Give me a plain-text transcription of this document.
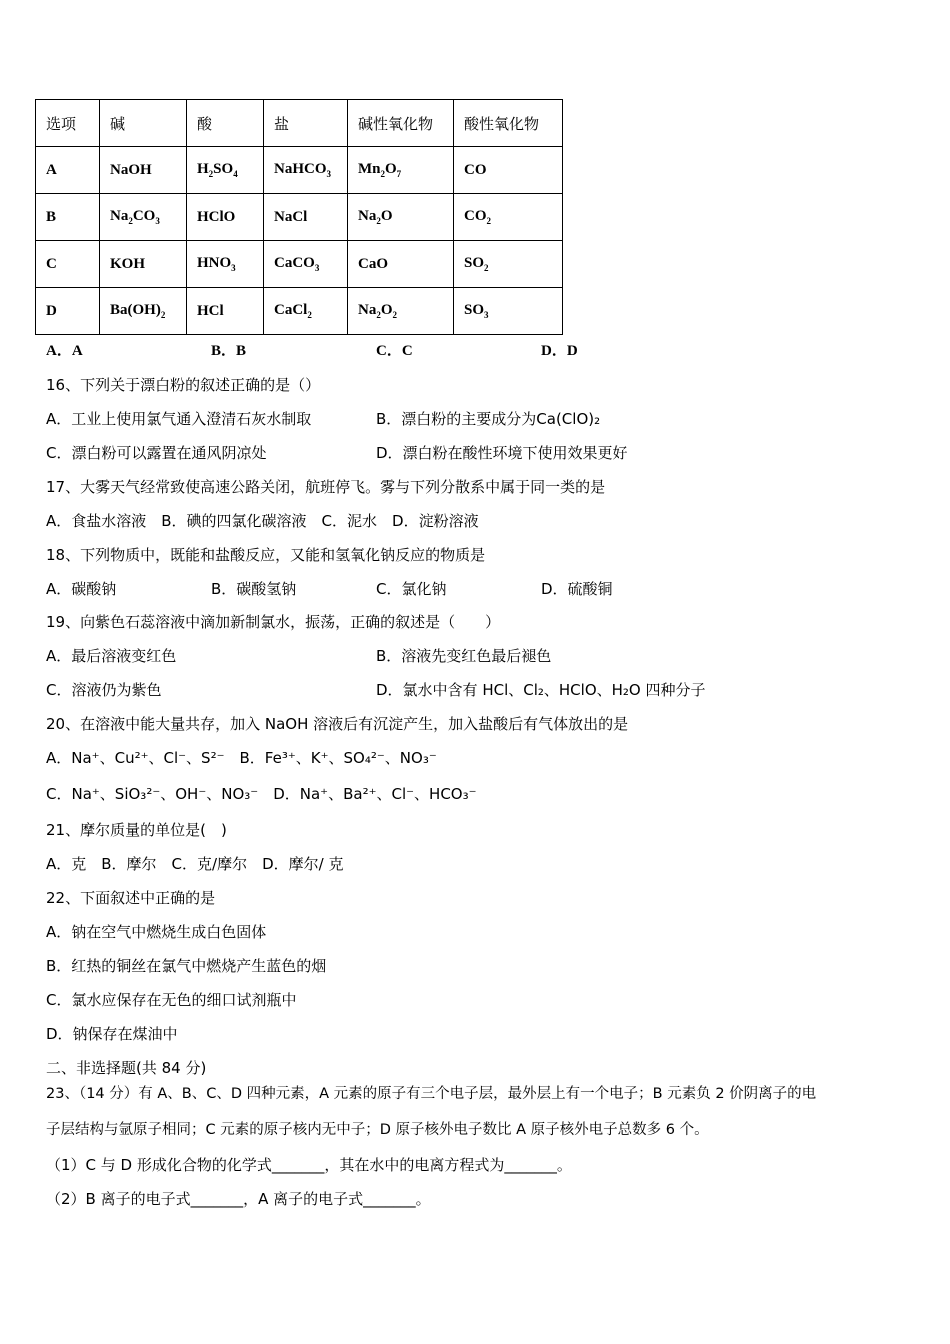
选项	碱	酸	盐	碱性氧化物	酸性氧化物
A	NaOH	$H_2SO_4$	NaHCO$_3$	$Mn_2O_7$	CO
B	$Na_2CO_3$	HClO	NaCl	$Na_2O$	$CO_2$
C	KOH	$HNO_3$	CaCO$_3$	CaO	$SO_2$
D	$Ba(OH)_2$	HCl	CaCl$_2$	$Na_2O_2$	$SO_3$
A．A	B．B	C．C	D．D
16、下列关于漂白粉的叙述正确的是（）
A．工业上使用氯气通入澄清石灰水制取	B．漂白粉的主要成分为Ca(ClO)₂
C．漂白粉可以露置在通风阴凉处	D．漂白粉在酸性环境下使用效果更好
17、大雾天气经常致使高速公路关闭，航班停飞。雾与下列分散系中属于同一类的是
A．食盐水溶液　B．碘的四氯化碳溶液　C．泥水　D．淀粉溶液
18、下列物质中，既能和盐酸反应，又能和氢氧化钠反应的物质是
A．碳酸钠	B．碳酸氢钠	C．氯化钠	D．硫酸铜
19、向紫色石蕊溶液中滴加新制氯水，振荡，正确的叙述是（　　）
A．最后溶液变红色	B．溶液先变红色最后褪色
C．溶液仍为紫色	D．氯水中含有 HCl、Cl₂、HClO、H₂O 四种分子
20、在溶液中能大量共存，加入 NaOH 溶液后有沉淀产生，加入盐酸后有气体放出的是
A．Na⁺、Cu²⁺、Cl⁻、S²⁻　B．Fe³⁺、K⁺、SO₄²⁻、NO₃⁻
C．Na⁺、SiO₃²⁻、OH⁻、NO₃⁻　D．Na⁺、Ba²⁺、Cl⁻、HCO₃⁻
21、摩尔质量的单位是(　)
A．克　B．摩尔　C．克/摩尔　D．摩尔/ 克
22、下面叙述中正确的是
A．钠在空气中燃烧生成白色固体
B．红热的铜丝在氯气中燃烧产生蓝色的烟
C．氯水应保存在无色的细口试剂瓶中
D．钠保存在煤油中
二、非选择题(共 84 分)
23、（14 分）有 A、B、C、D 四种元素，A 元素的原子有三个电子层，最外层上有一个电子；B 元素负 2 价阴离子的电
子层结构与氩原子相同；C 元素的原子核内无中子；D 原子核外电子数比 A 原子核外电子总数多 6 个。
（1）C 与 D 形成化合物的化学式_______，其在水中的电离方程式为_______。
（2）B 离子的电子式_______，A 离子的电子式_______。
